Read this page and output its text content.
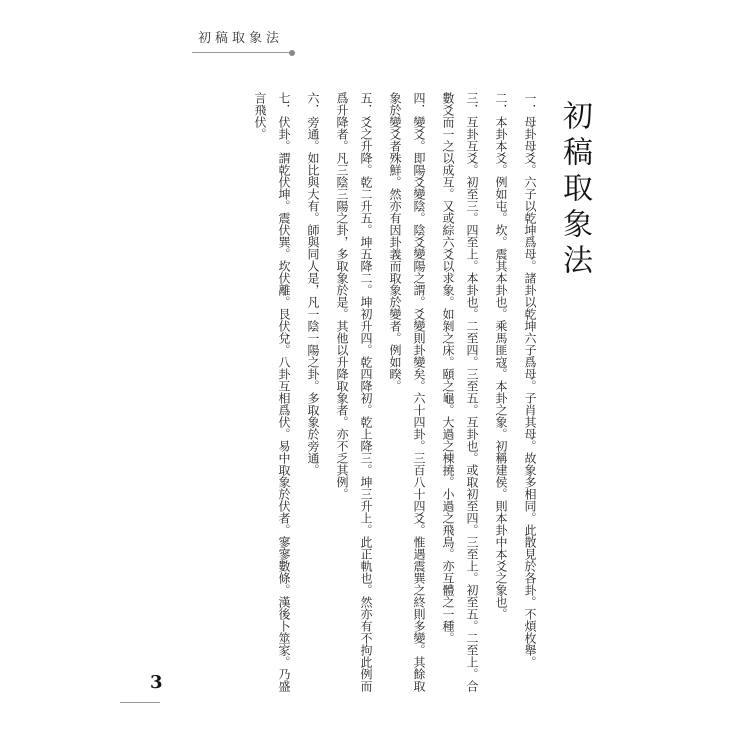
初稿取象法
初稿取象法

一．母卦母爻。六子以乾坤爲母。諸卦以乾坤六子爲母。子肖其母。故象多相同。此散見於各卦。不煩枚舉。

二．本卦本爻。例如屯。坎。震其本卦也。乘馬匪寇。本卦之象。初稱建侯。則本卦中本爻之象也。

三．互卦互爻。初至三。四至上。本卦也。二至四。三至五。互卦也。或取初至四。三至上。初至五。二至上。合數爻而一之以成互。又或綜六爻以求象。如剝之床。頤之龜。大過之棟撓。小過之飛鳥。亦互體之一種。

四．變爻。即陽爻變陰。陰爻變陽之謂。爻變則卦變矣。六十四卦。三百八十四爻。惟遇震巽之終則多變。其餘取象於變爻者殊鮮。然亦有因卦義而取象於變者。例如睽。

五．爻之升降。乾二升五。坤五降二。坤初升四。乾四降初。乾上降三。坤三升上。此正軌也。然亦有不拘此例而爲升降者。凡三陰三陽之卦，多取象於是。其他以升降取象者。亦不乏其例。

六．旁通。如比與大有。師與同人是，凡一陰一陽之卦。多取象於旁通。

七．伏卦。謂乾伏坤。震伏巽。坎伏離。艮伏兌。八卦互相爲伏。易中取象於伏者。寥寥數條。漢後卜筮家。乃盛言飛伏。

3
